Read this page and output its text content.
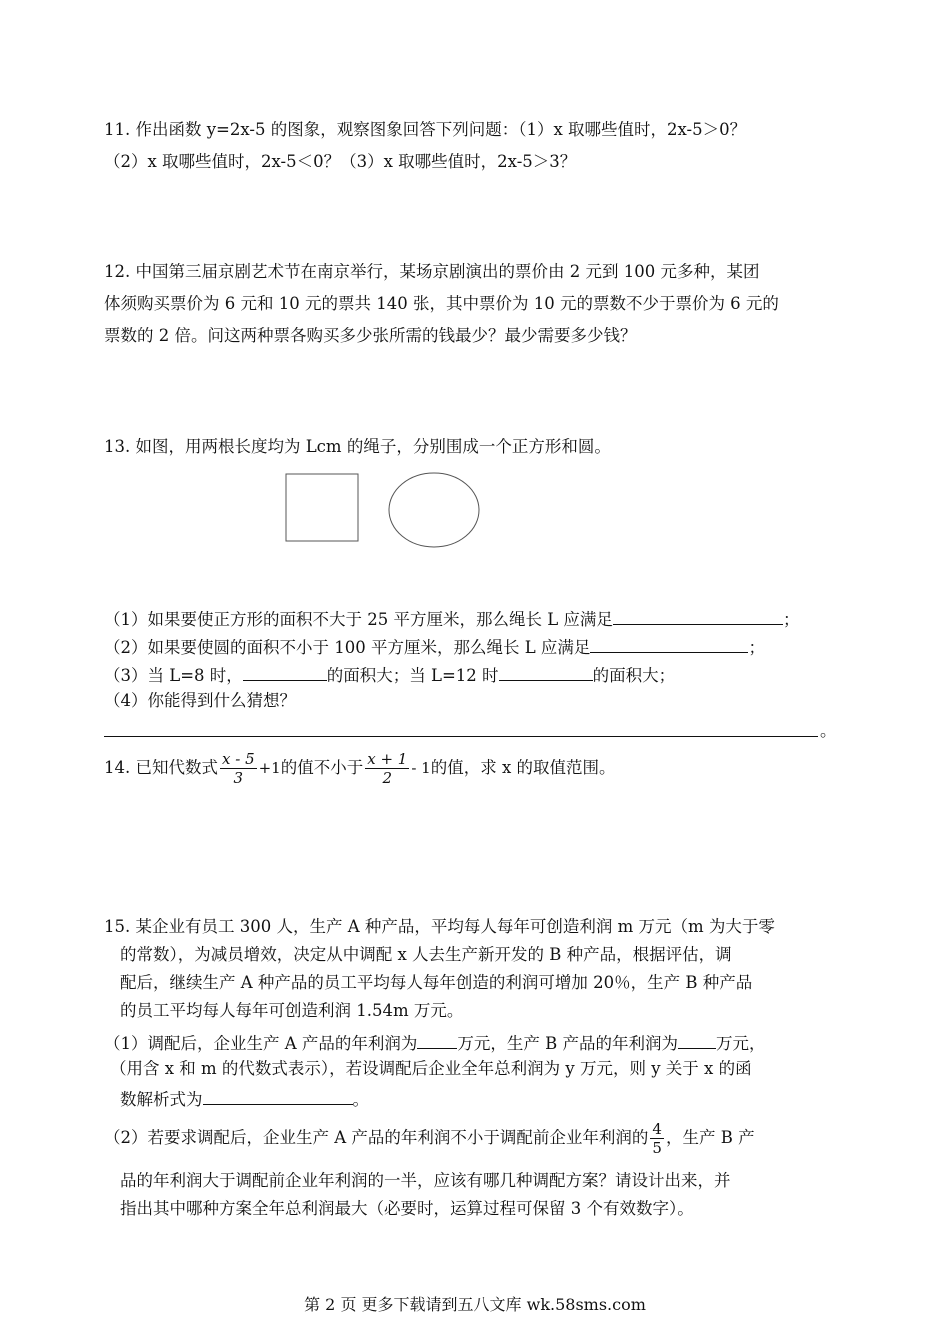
11. 作出函数 y=2x-5 的图象，观察图象回答下列问题：（1）x 取哪些值时，2x-5＞0？
（2）x 取哪些值时，2x-5＜0？（3）x 取哪些值时，2x-5＞3？
12. 中国第三届京剧艺术节在南京举行，某场京剧演出的票价由 2 元到 100 元多种，某团
体须购买票价为 6 元和 10 元的票共 140 张，其中票价为 10 元的票数不少于票价为 6 元的
票数的 2 倍。问这两种票各购买多少张所需的钱最少？最少需要多少钱？
13. 如图，用两根长度均为 Lcm 的绳子，分别围成一个正方形和圆。
（1）如果要使正方形的面积不大于 25 平方厘米，那么绳长 L 应满足	；
（2）如果要使圆的面积不小于 100 平方厘米，那么绳长 L 应满足	；
（3）当 L=8 时，	的面积大；当 L=12 时	的面积大；
（4）你能得到什么猜想？
。
14. 已知代数式 $\frac{x - 5}{3} +1$的值不小于 $\frac{x + 1}{2} - 1$的值，求 x 的取值范围。
15. 某企业有员工 300 人，生产 A 种产品，平均每人每年可创造利润 m 万元（m 为大于零
的常数），为减员增效，决定从中调配 x 人去生产新开发的 B 种产品，根据评估，调
配后，继续生产 A 种产品的员工平均每人每年创造的利润可增加 20％，生产 B 种产品
的员工平均每人每年可创造利润 1.54m 万元。
（1）调配后，企业生产 A 产品的年利润为 万元，生产 B 产品的年利润为 万元，
（用含 x 和 m 的代数式表示），若设调配后企业全年总利润为 y 万元，则 y 关于 x 的函
数解析式为	。
（2）若要求调配后，企业生产 A 产品的年利润不小于调配前企业年利润的 $\frac{4}{5}$ ，生产 B 产
品的年利润大于调配前企业年利润的一半，应该有哪几种调配方案？请设计出来，并
指出其中哪种方案全年总利润最大（必要时，运算过程可保留 3 个有效数字）。
第 2 页 更多下载请到五八文库 wk.58sms.com
